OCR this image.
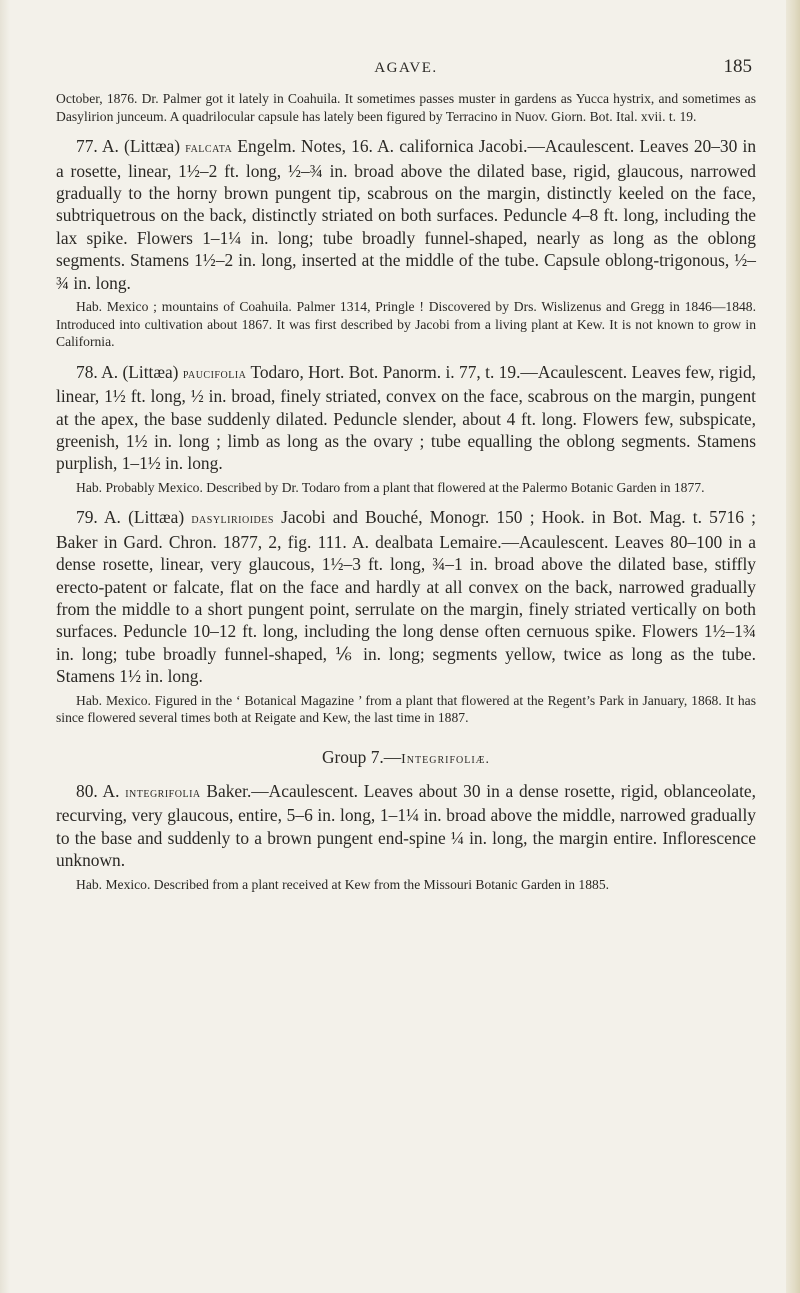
AGAVE.	185

October, 1876. Dr. Palmer got it lately in Coahuila. It sometimes passes muster in gardens as Yucca hystrix, and sometimes as Dasylirion junceum. A quadrilocular capsule has lately been figured by Terracino in Nuov. Giorn. Bot. Ital. xvii. t. 19.

77. A. (Littæa) falcata Engelm. Notes, 16. A. californica Jacobi.—Acaulescent. Leaves 20–30 in a rosette, linear, 1½–2 ft. long, ½–¾ in. broad above the dilated base, rigid, glaucous, narrowed gradually to the horny brown pungent tip, scabrous on the margin, distinctly keeled on the face, subtriquetrous on the back, distinctly striated on both surfaces. Peduncle 4–8 ft. long, including the lax spike. Flowers 1–1¼ in. long; tube broadly funnel-shaped, nearly as long as the oblong segments. Stamens 1½–2 in. long, inserted at the middle of the tube. Capsule oblong-trigonous, ½–¾ in. long.

Hab. Mexico ; mountains of Coahuila. Palmer 1314, Pringle ! Discovered by Drs. Wislizenus and Gregg in 1846—1848. Introduced into cultivation about 1867. It was first described by Jacobi from a living plant at Kew. It is not known to grow in California.

78. A. (Littæa) paucifolia Todaro, Hort. Bot. Panorm. i. 77, t. 19.—Acaulescent. Leaves few, rigid, linear, 1½ ft. long, ½ in. broad, finely striated, convex on the face, scabrous on the margin, pungent at the apex, the base suddenly dilated. Peduncle slender, about 4 ft. long. Flowers few, subspicate, greenish, 1½ in. long ; limb as long as the ovary ; tube equalling the oblong segments. Stamens purplish, 1–1½ in. long.

Hab. Probably Mexico. Described by Dr. Todaro from a plant that flowered at the Palermo Botanic Garden in 1877.

79. A. (Littæa) dasylirioides Jacobi and Bouché, Monogr. 150 ; Hook. in Bot. Mag. t. 5716 ; Baker in Gard. Chron. 1877, 2, fig. 111. A. dealbata Lemaire.—Acaulescent. Leaves 80–100 in a dense rosette, linear, very glaucous, 1½–3 ft. long, ¾–1 in. broad above the dilated base, stiffly erecto-patent or falcate, flat on the face and hardly at all convex on the back, narrowed gradually from the middle to a short pungent point, serrulate on the margin, finely striated vertically on both surfaces. Peduncle 10–12 ft. long, including the long dense often cernuous spike. Flowers 1½–1¾ in. long; tube broadly funnel-shaped, ⅙ in. long; segments yellow, twice as long as the tube. Stamens 1½ in. long.

Hab. Mexico. Figured in the ‘ Botanical Magazine ’ from a plant that flowered at the Regent’s Park in January, 1868. It has since flowered several times both at Reigate and Kew, the last time in 1887.

Group 7.—Integrifoliæ.

80. A. integrifolia Baker.—Acaulescent. Leaves about 30 in a dense rosette, rigid, oblanceolate, recurving, very glaucous, entire, 5–6 in. long, 1–1¼ in. broad above the middle, narrowed gradually to the base and suddenly to a brown pungent end-spine ¼ in. long, the margin entire. Inflorescence unknown.

Hab. Mexico. Described from a plant received at Kew from the Missouri Botanic Garden in 1885.
